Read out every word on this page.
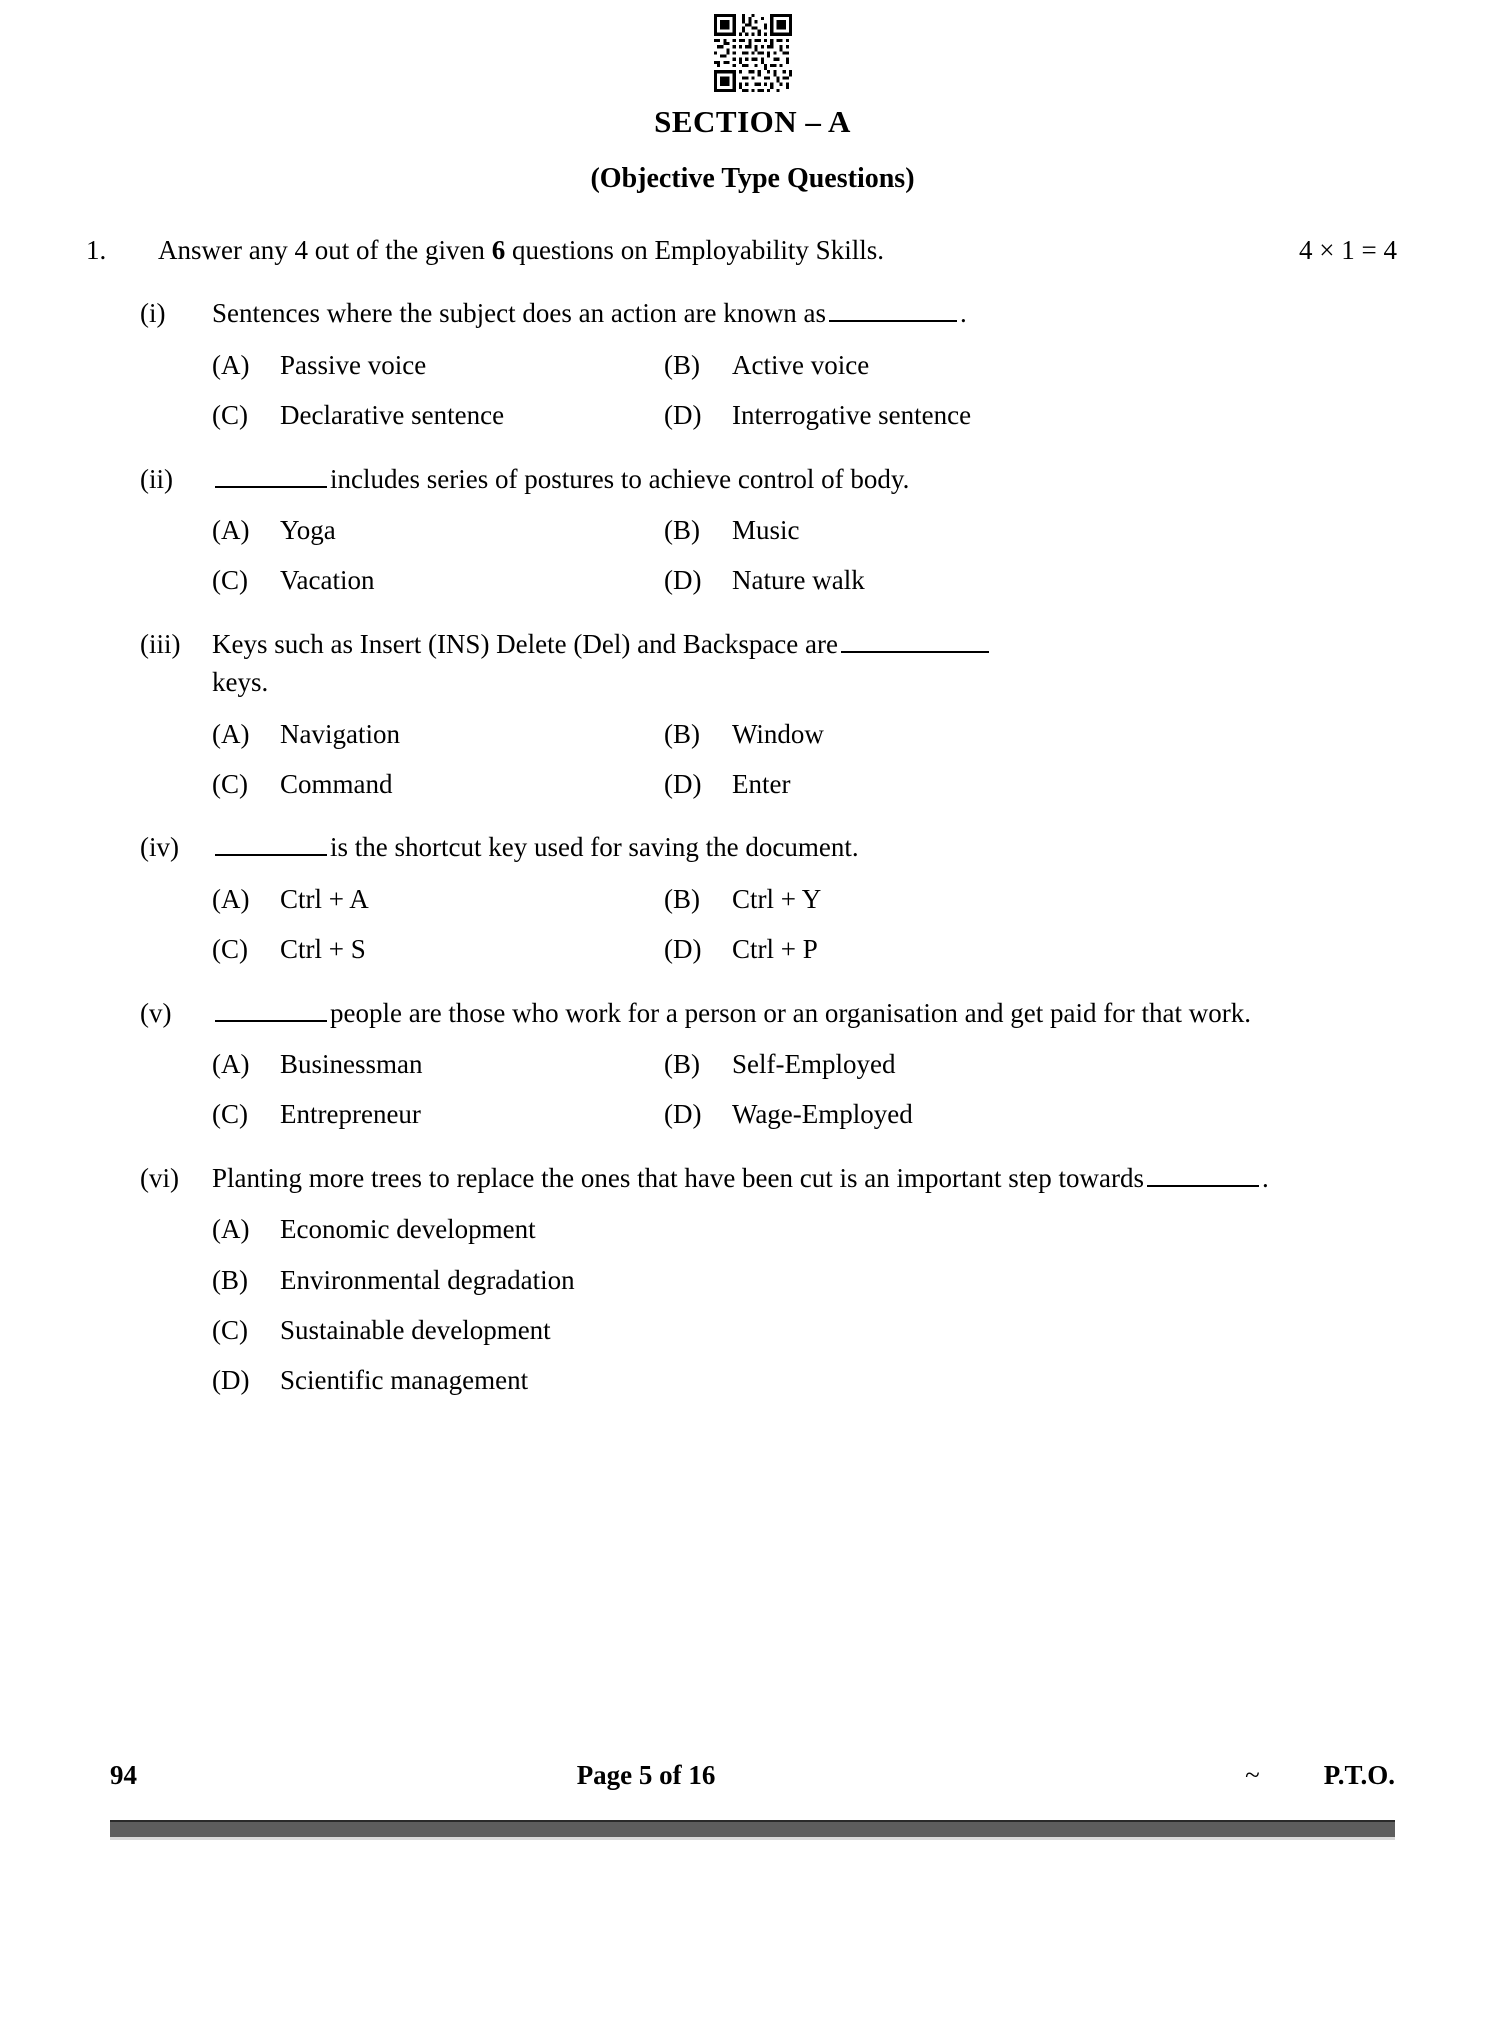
SECTION – A
(Objective Type Questions)
1.	Answer any 4 out of the given 6 questions on Employability Skills.	4 × 1 = 4
(i)	Sentences where the subject does an action are known as	.
(A)	Passive voice	(B)	Active voice
(C)	Declarative sentence	(D)	Interrogative sentence
(ii)	includes series of postures to achieve control of body.
(A)	Yoga	(B)	Music
(C)	Vacation	(D)	Nature walk
(iii)	Keys such as Insert (INS) Delete (Del) and Backspace are
keys.
(A)	Navigation	(B)	Window
(C)	Command	(D)	Enter
(iv)	is the shortcut key used for saving the document.
(A)	Ctrl + A	(B)	Ctrl + Y
(C)	Ctrl + S	(D)	Ctrl + P
(v)	people are those who work for a person or an organisation and get paid for that work.
(A)	Businessman	(B)	Self-Employed
(C)	Entrepreneur	(D)	Wage-Employed
(vi)	Planting more trees to replace the ones that have been cut is an important step towards	.
(A)	Economic development
(B)	Environmental degradation
(C)	Sustainable development
(D)	Scientific management
94	Page 5 of 16	~	P.T.O.
